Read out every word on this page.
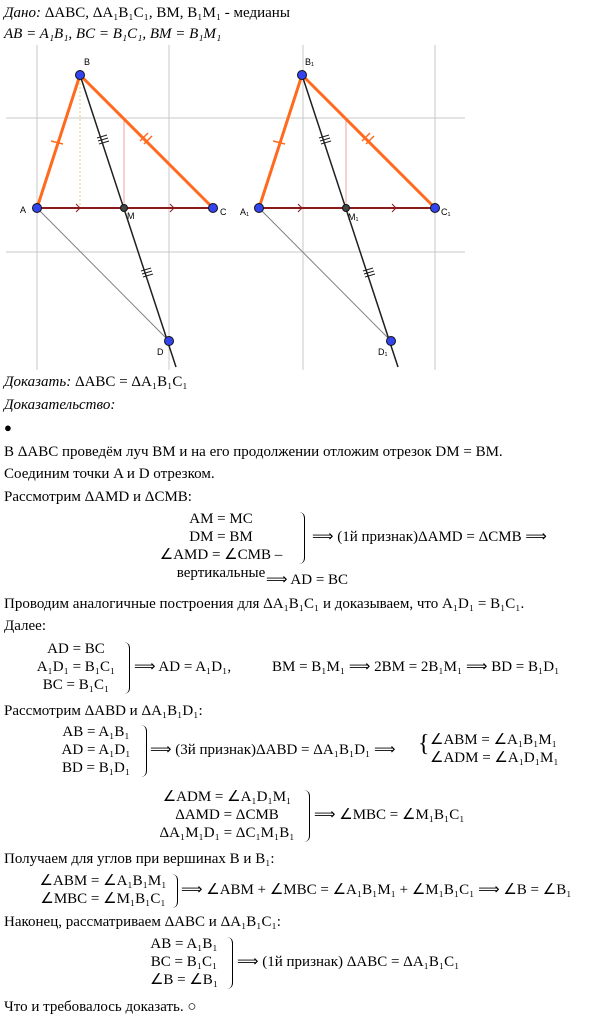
Дано: ΔABC, ΔA₁B₁C₁, BM, B₁M₁ - медианы
AB = A₁B₁, BC = B₁C₁, BM = B₁M₁
A
B
C
M
D
A₁
B₁
C₁
M₁
D₁
Доказать: ΔABC = ΔA₁B₁C₁
Доказательство:
●
В ΔABC проведём луч BM и на его продолжении отложим отрезок DM = BM.
Соединим точки A и D отрезком.
Рассмотрим ΔAMD и ΔCMB:
AM = MC
DM = BM
∠AMD = ∠CMB – вертикальные
⟹ (1й признак)ΔAMD = ΔCMB ⟹
⟹ AD = BC
Проводим аналогичные построения для ΔA₁B₁C₁ и доказываем, что A₁D₁ = B₁C₁.
Далее:
AD = BC
A₁D₁ = B₁C₁
BC = B₁C₁
⟹ AD = A₁D₁,	BM = B₁M₁ ⟹ 2BM = 2B₁M₁ ⟹ BD = B₁D₁
Рассмотрим ΔABD и ΔA₁B₁D₁:
AB = A₁B₁
AD = A₁D₁
BD = B₁D₁
⟹ (3й признак)ΔABD = ΔA₁B₁D₁ ⟹ { ∠ABM = ∠A₁B₁M₁
∠ADM = ∠A₁D₁M₁
∠ADM = ∠A₁D₁M₁
ΔAMD = ΔCMB
ΔA₁M₁D₁ = ΔC₁M₁B₁
⟹ ∠MBC = ∠M₁B₁C₁
Получаем для углов при вершинах B и B₁:
∠ABM = ∠A₁B₁M₁
∠MBC = ∠M₁B₁C₁
⟹ ∠ABM + ∠MBC = ∠A₁B₁M₁ + ∠M₁B₁C₁ ⟹ ∠B = ∠B₁
Наконец, рассматриваем ΔABC и ΔA₁B₁C₁:
AB = A₁B₁
BC = B₁C₁
∠B = ∠B₁
⟹ (1й признак) ΔABC = ΔA₁B₁C₁
Что и требовалось доказать. ○
